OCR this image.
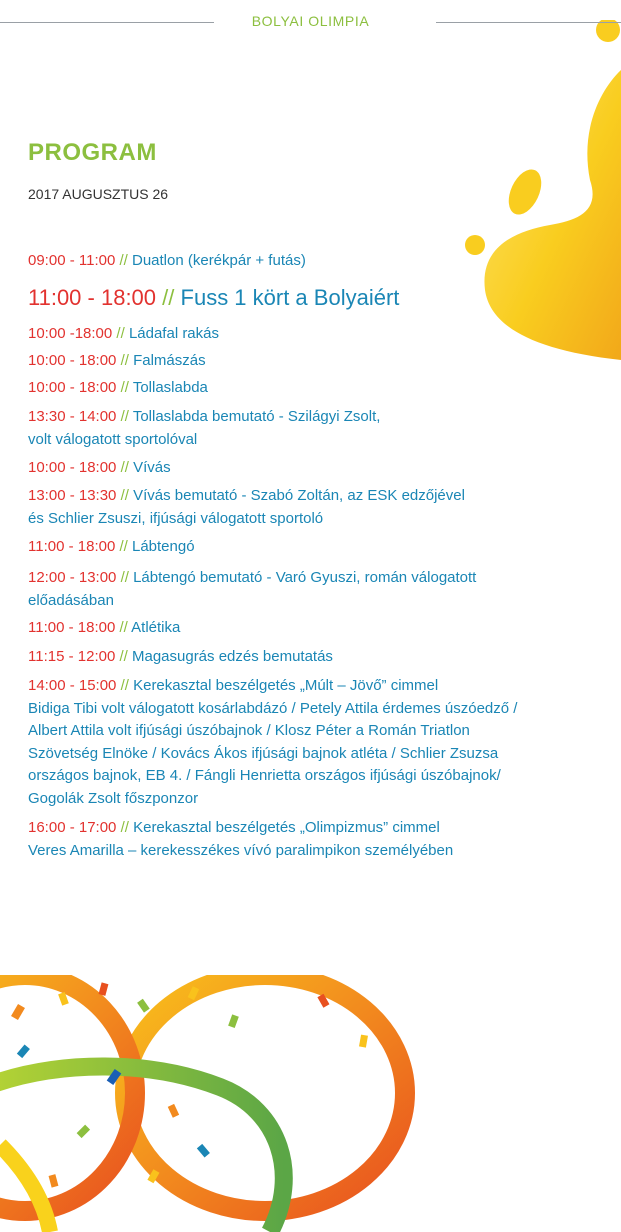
BOLYAI OLIMPIA
PROGRAM
2017 AUGUSZTUS 26
09:00 - 11:00 // Duatlon (kerékpár + futás)
11:00 - 18:00 // Fuss 1 kört a Bolyaiért
10:00 -18:00 // Ládafal rakás
10:00 - 18:00 // Falmászás
10:00 - 18:00 // Tollaslabda
13:30 - 14:00 // Tollaslabda bemutató - Szilágyi Zsolt,
volt válogatott sportolóval
10:00 - 18:00 // Vívás
13:00 - 13:30 // Vívás bemutató - Szabó Zoltán, az ESK edzőjével
és Schlier Zsuszi, ifjúsági válogatott sportoló
11:00 - 18:00 // Lábtengó
12:00 - 13:00 // Lábtengó bemutató - Varó Gyuszi, román válogatott
előadásában
11:00 - 18:00 // Atlétika
11:15 - 12:00 // Magasugrás edzés bemutatás
14:00 - 15:00 // Kerekasztal beszélgetés „Múlt – Jövő” cimmel
Bidiga Tibi volt válogatott kosárlabdázó / Petely Attila érdemes úszóedző /
Albert Attila volt ifjúsági úszóbajnok / Klosz Péter a Román Triatlon
Szövetség Elnöke / Kovács Ákos ifjúsági bajnok atléta / Schlier Zsuzsa
országos bajnok, EB 4. / Fángli Henrietta országos ifjúsági úszóbajnok/
Gogolák Zsolt főszponzor
16:00 - 17:00 // Kerekasztal beszélgetés „Olimpizmus” cimmel
Veres Amarilla – kerekesszékes vívó paralimpikon személyében
